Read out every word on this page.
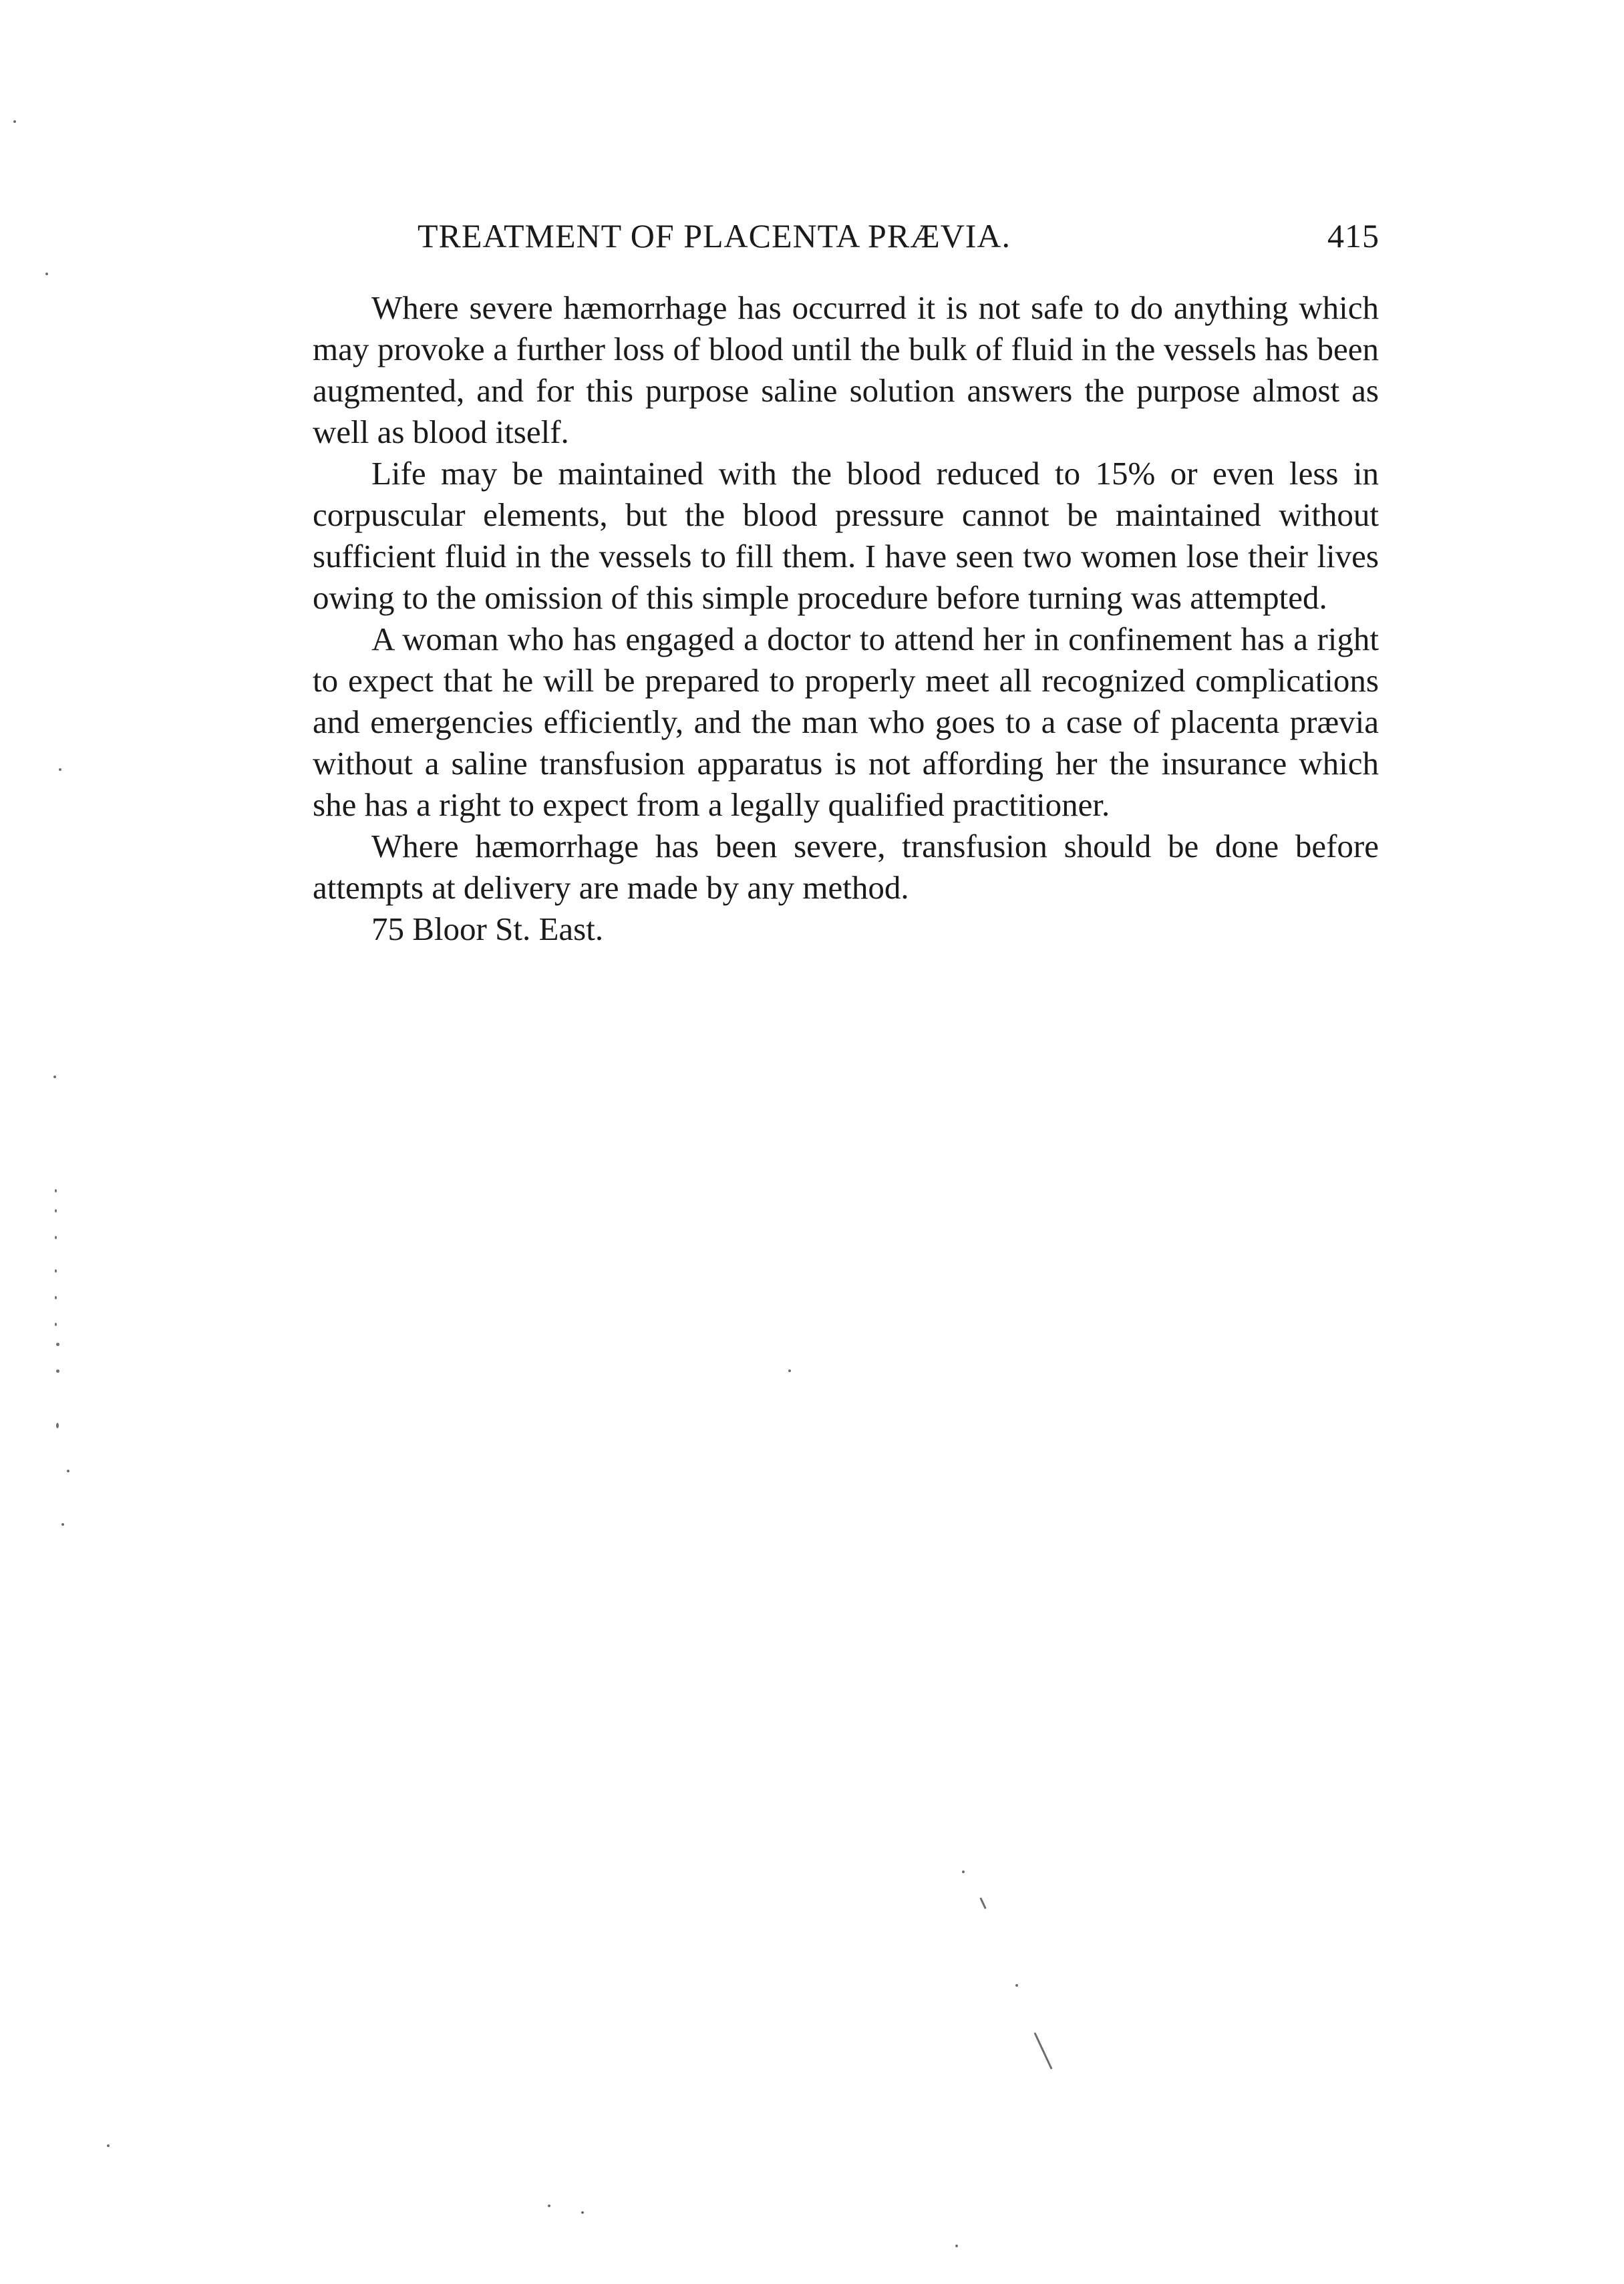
TREATMENT OF PLACENTA PRÆVIA.	415

Where severe hæmorrhage has occurred it is not safe to do anything which may provoke a further loss of blood until the bulk of fluid in the vessels has been augmented, and for this purpose saline solution answers the purpose almost as well as blood itself.

Life may be maintained with the blood reduced to 15% or even less in corpuscular elements, but the blood pressure cannot be maintained without sufficient fluid in the vessels to fill them. I have seen two women lose their lives owing to the omission of this simple procedure before turning was attempted.

A woman who has engaged a doctor to attend her in confinement has a right to expect that he will be prepared to properly meet all recognized complications and emergencies efficiently, and the man who goes to a case of placenta prævia without a saline transfusion apparatus is not affording her the insurance which she has a right to expect from a legally qualified practitioner.

Where hæmorrhage has been severe, transfusion should be done before attempts at delivery are made by any method.

75 Bloor St. East.
